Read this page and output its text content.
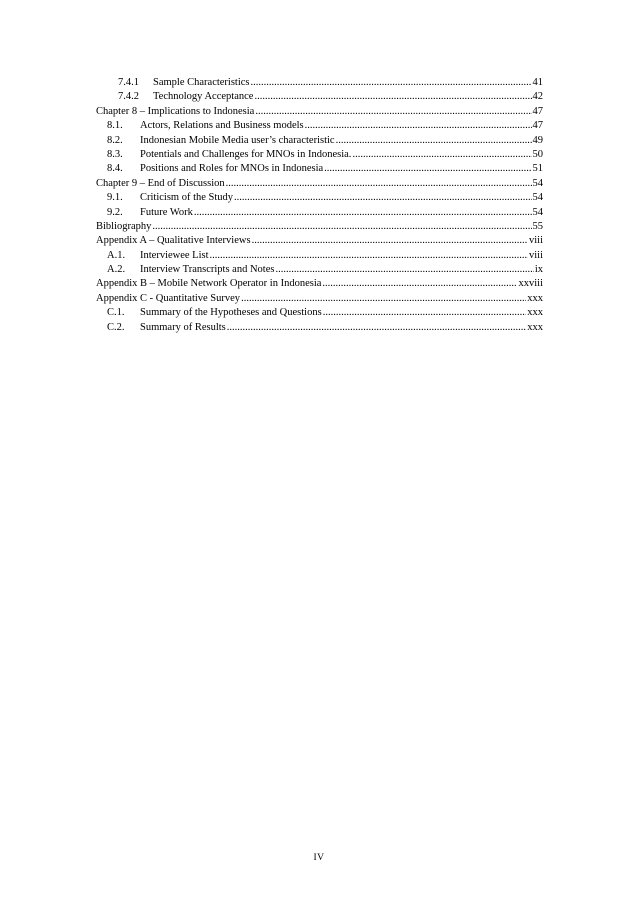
7.4.1	Sample Characteristics .....	41
7.4.2	Technology Acceptance .....	42
Chapter 8 – Implications to Indonesia .....	47
8.1.	Actors, Relations and Business models .....	47
8.2.	Indonesian Mobile Media user’s characteristic .....	49
8.3.	Potentials and Challenges for MNOs in Indonesia. .....	50
8.4.	Positions and Roles for MNOs in Indonesia .....	51
Chapter 9 – End of Discussion .....	54
9.1.	Criticism of the Study .....	54
9.2.	Future Work .....	54
Bibliography .....	55
Appendix A – Qualitative Interviews .....	viii
A.1.	Interviewee List .....	viii
A.2.	Interview Transcripts and Notes .....	ix
Appendix B – Mobile Network Operator in Indonesia .....	xxviii
Appendix C - Quantitative Survey .....	xxx
C.1.	Summary of the Hypotheses and Questions .....	xxx
C.2.	Summary of Results .....	xxx
IV
